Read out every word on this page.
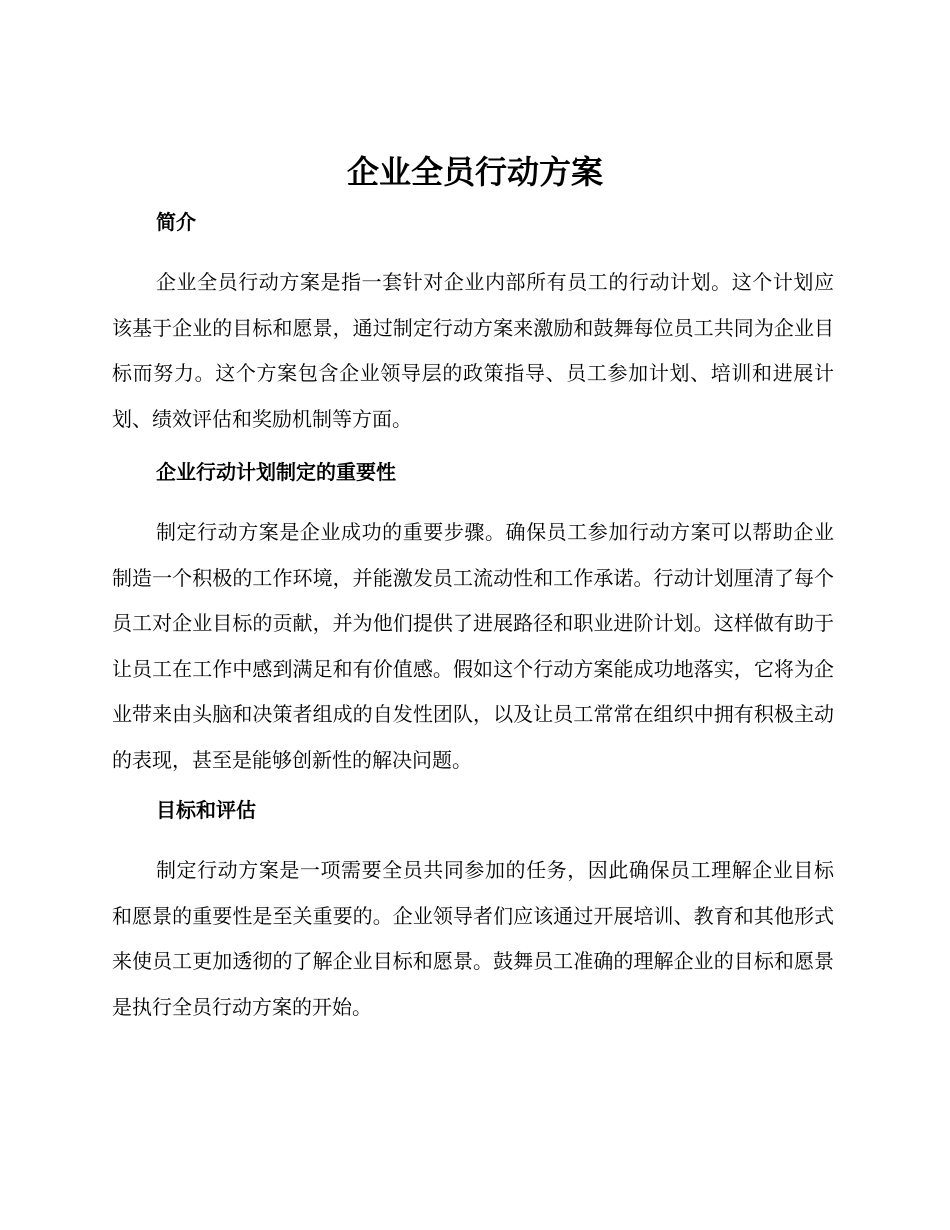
企业全员行动方案
简介

企业全员行动方案是指一套针对企业内部所有员工的行动计划。这个计划应该基于企业的目标和愿景，通过制定行动方案来激励和鼓舞每位员工共同为企业目标而努力。这个方案包含企业领导层的政策指导、员工参加计划、培训和进展计划、绩效评估和奖励机制等方面。

企业行动计划制定的重要性

制定行动方案是企业成功的重要步骤。确保员工参加行动方案可以帮助企业制造一个积极的工作环境，并能激发员工流动性和工作承诺。行动计划厘清了每个员工对企业目标的贡献，并为他们提供了进展路径和职业进阶计划。这样做有助于让员工在工作中感到满足和有价值感。假如这个行动方案能成功地落实，它将为企业带来由头脑和决策者组成的自发性团队，以及让员工常常在组织中拥有积极主动的表现，甚至是能够创新性的解决问题。

目标和评估

制定行动方案是一项需要全员共同参加的任务，因此确保员工理解企业目标和愿景的重要性是至关重要的。企业领导者们应该通过开展培训、教育和其他形式来使员工更加透彻的了解企业目标和愿景。鼓舞员工准确的理解企业的目标和愿景是执行全员行动方案的开始。
